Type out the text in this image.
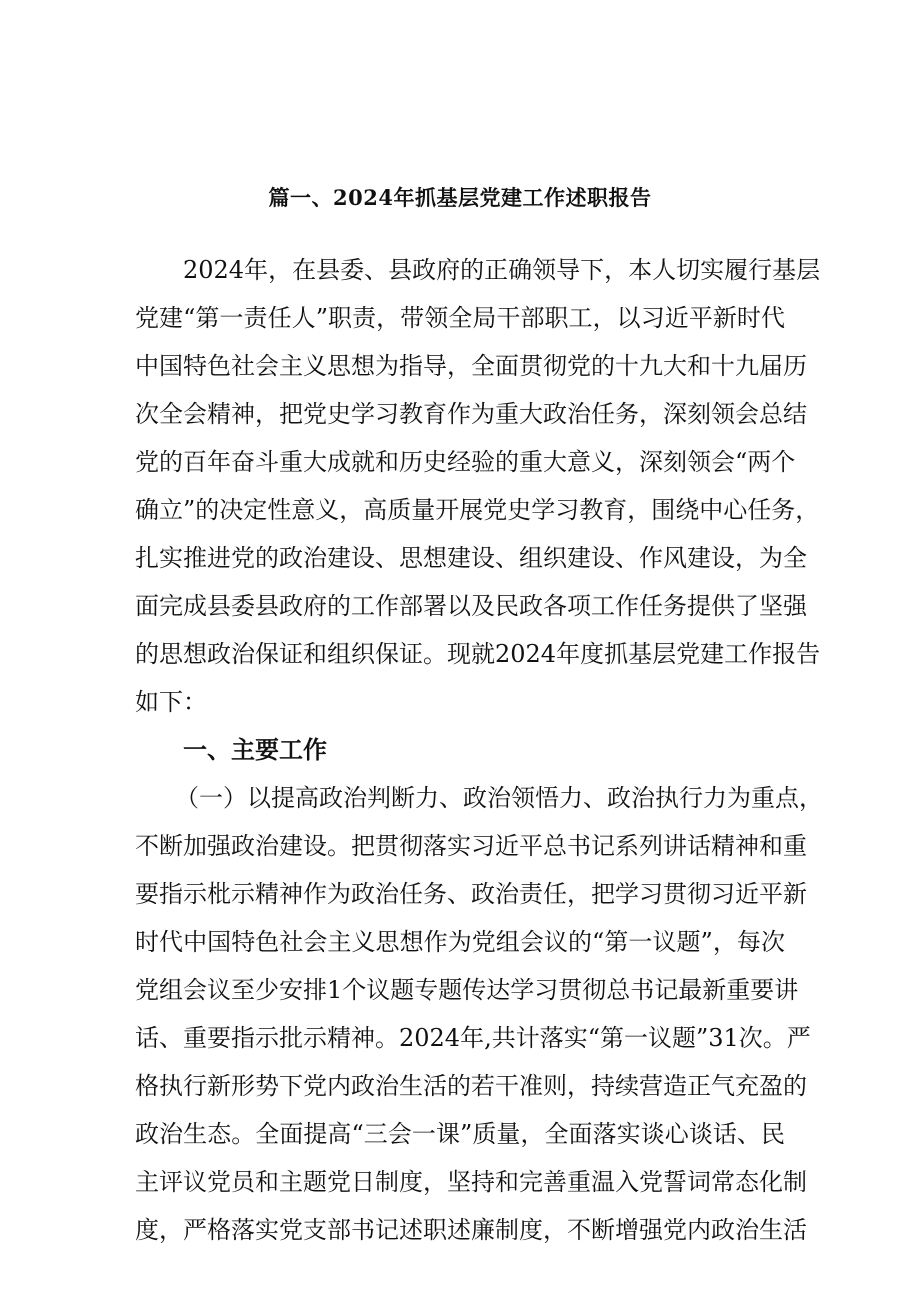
篇一、2024年抓基层党建工作述职报告

2024年，在县委、县政府的正确领导下，本人切实履行基层

党建“第一责任人”职责，带领全局干部职工，以习近平新时代

中国特色社会主义思想为指导，全面贯彻党的十九大和十九届历

次全会精神，把党史学习教育作为重大政治任务，深刻领会总结

党的百年奋斗重大成就和历史经验的重大意义，深刻领会“两个

确立”的决定性意义，高质量开展党史学习教育，围绕中心任务，

扎实推进党的政治建设、思想建设、组织建设、作风建设，为全

面完成县委县政府的工作部署以及民政各项工作任务提供了坚强

的思想政治保证和组织保证。现就2024年度抓基层党建工作报告

如下：

一、主要工作

（一）以提高政治判断力、政治领悟力、政治执行力为重点，

不断加强政治建设。把贯彻落实习近平总书记系列讲话精神和重

要指示枇示精神作为政治任务、政治责任，把学习贯彻习近平新

时代中国特色社会主义思想作为党组会议的“第一议题”，每次

党组会议至少安排1个议题专题传达学习贯彻总书记最新重要讲

话、重要指示批示精神。2024年,共计落实“第一议题”31次。严

格执行新形势下党内政治生活的若干准则，持续营造正气充盈的

政治生态。全面提高“三会一课”质量，全面落实谈心谈话、民

主评议党员和主题党日制度，坚持和完善重温入党誓词常态化制

度，严格落实党支部书记述职述廉制度，不断增强党内政治生活
